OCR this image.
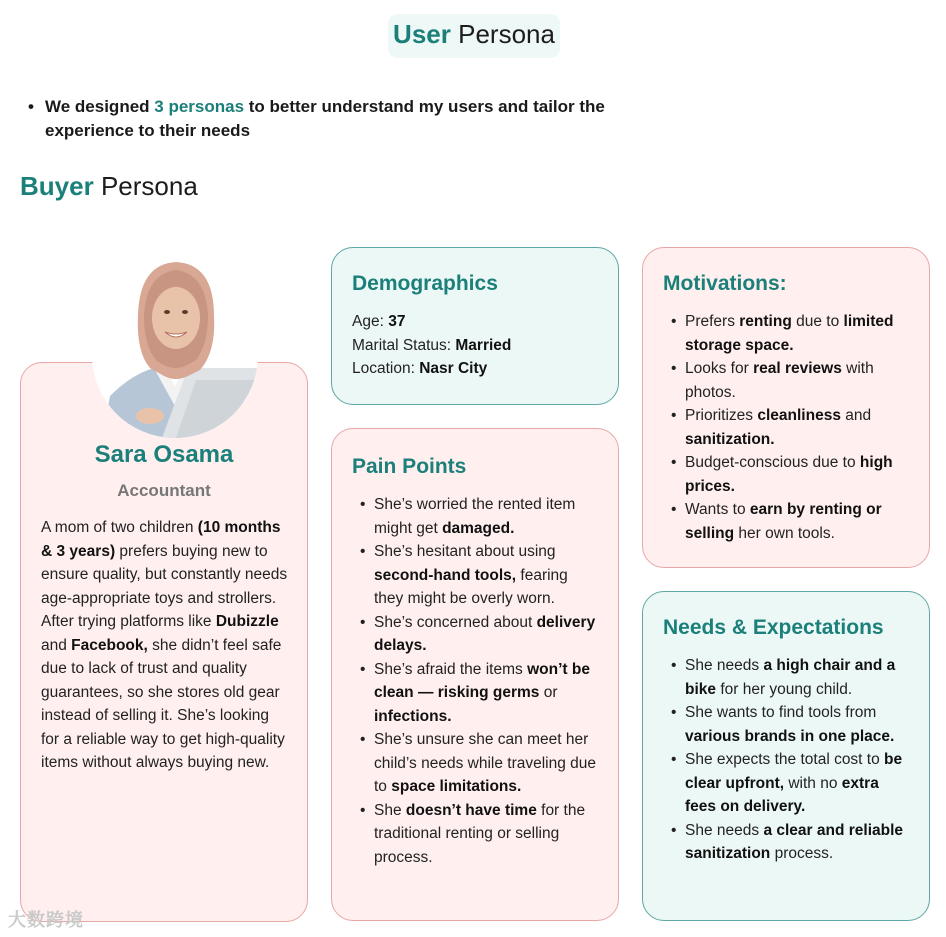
User Persona
• We designed 3 personas to better understand my users and tailor the experience to their needs
Buyer Persona
Sara Osama
Accountant
A mom of two children (10 months & 3 years) prefers buying new to ensure quality, but constantly needs age-appropriate toys and strollers. After trying platforms like Dubizzle and Facebook, she didn’t feel safe due to lack of trust and quality guarantees, so she stores old gear instead of selling it. She’s looking for a reliable way to get high-quality items without always buying new.
Demographics
Age: 37
Marital Status: Married
Location: Nasr City
Pain Points
• She’s worried the rented item might get damaged.
• She’s hesitant about using second-hand tools, fearing they might be overly worn.
• She’s concerned about delivery delays.
• She’s afraid the items won’t be clean — risking germs or infections.
• She’s unsure she can meet her child’s needs while traveling due to space limitations.
• She doesn’t have time for the traditional renting or selling process.
Motivations:
• Prefers renting due to limited storage space.
• Looks for real reviews with photos.
• Prioritizes cleanliness and sanitization.
• Budget-conscious due to high prices.
• Wants to earn by renting or selling her own tools.
Needs & Expectations
• She needs a high chair and a bike for her young child.
• She wants to find tools from various brands in one place.
• She expects the total cost to be clear upfront, with no extra fees on delivery.
• She needs a clear and reliable sanitization process.
大数跨境
